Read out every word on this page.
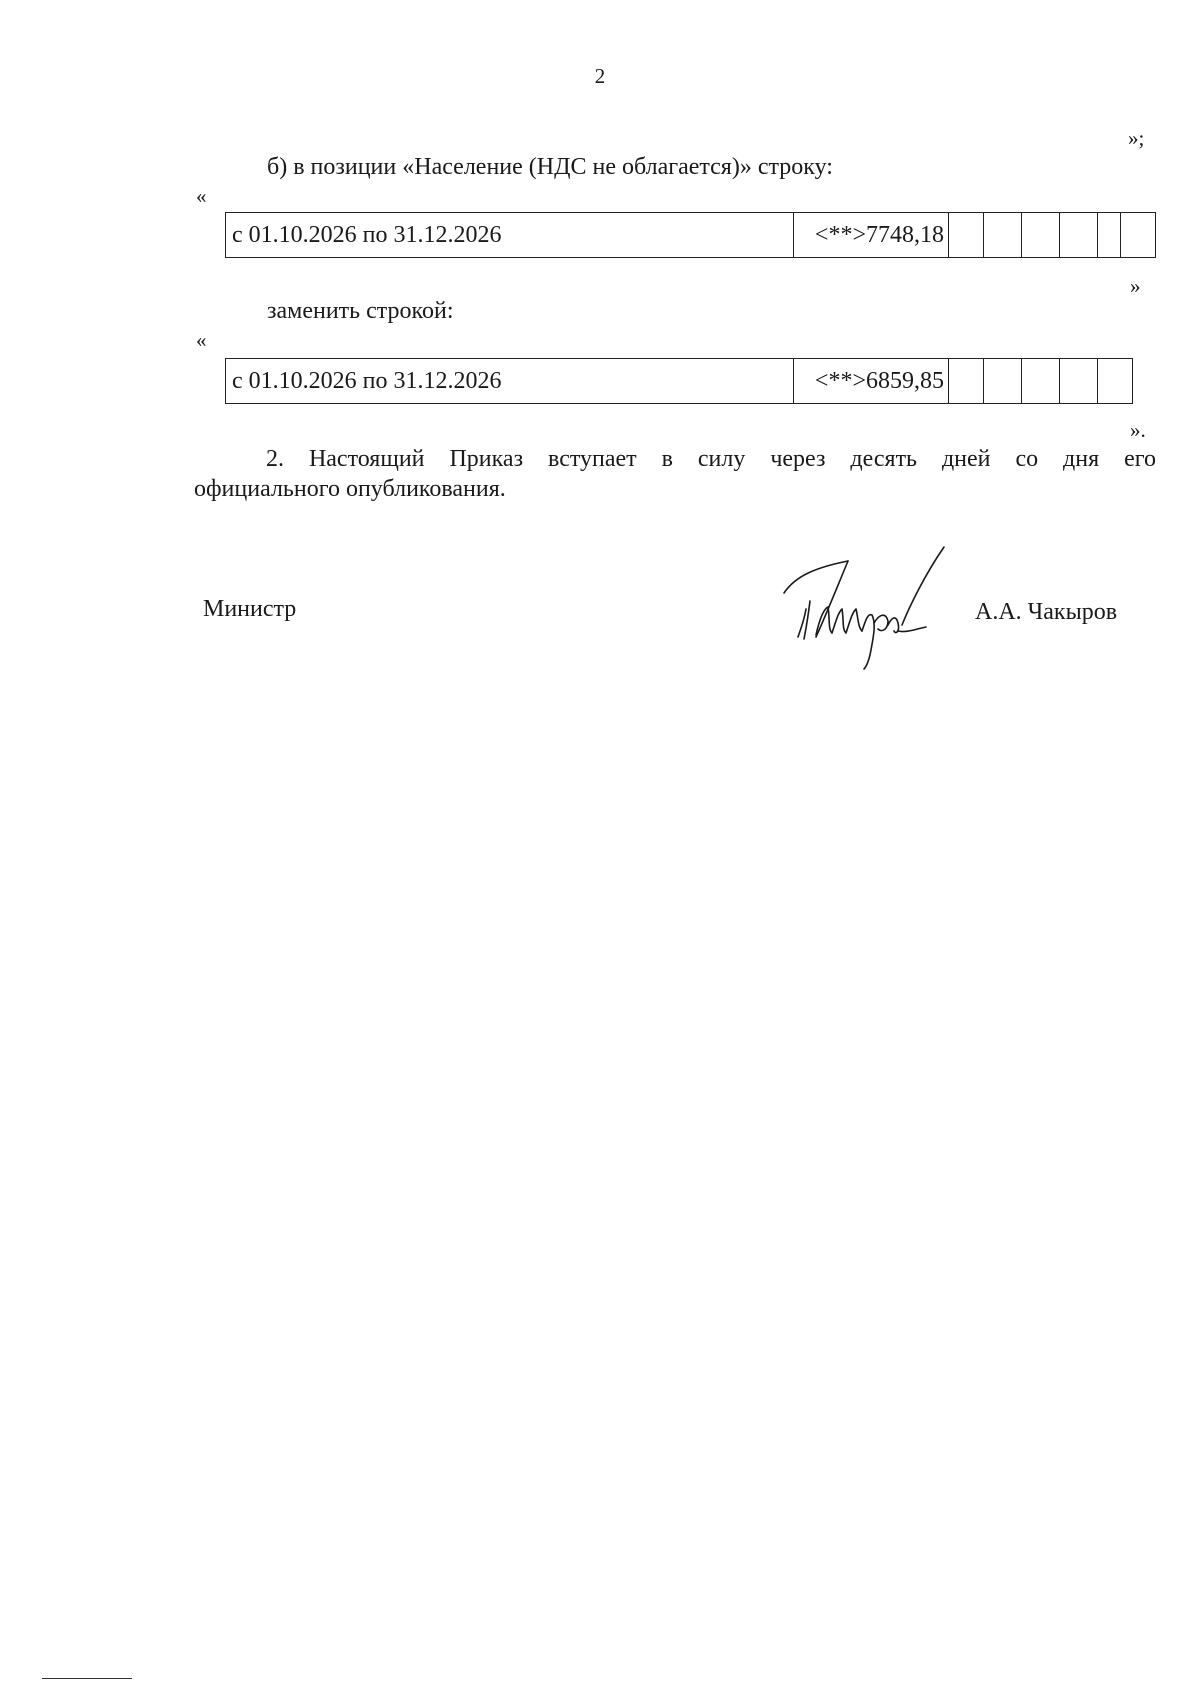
2
»;
б) в позиции «Население (НДС не облагается)» строку:
«
с 01.10.2026 по 31.12.2026	<**>7748,18						
»
заменить строкой:
«
с 01.10.2026 по 31.12.2026	<**>6859,85					
».
2. Настоящий Приказ вступает в силу через десять дней со дня его
официального опубликования.
Министр	А.А. Чакыров
